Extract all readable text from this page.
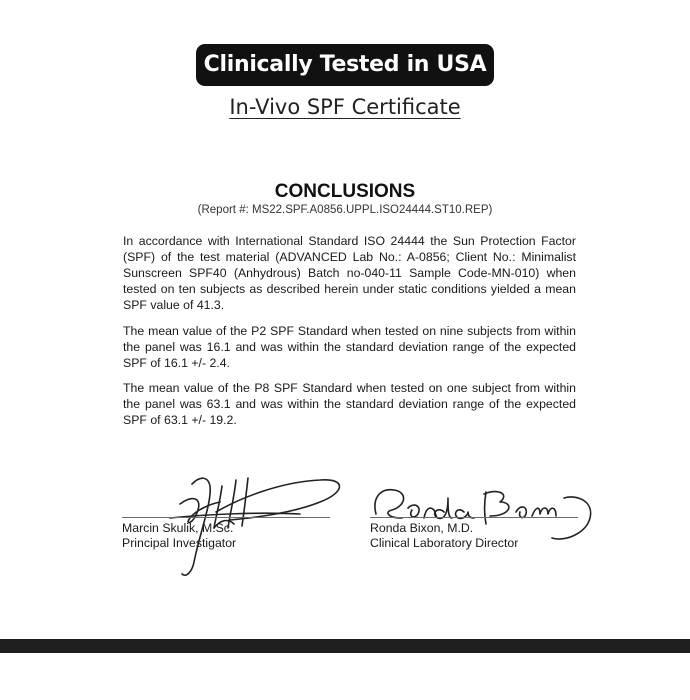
Clinically Tested in USA
In-Vivo SPF Certificate
CONCLUSIONS
(Report #: MS22.SPF.A0856.UPPL.ISO24444.ST10.REP)

In accordance with International Standard ISO 24444 the Sun Protection Factor (SPF) of the test material (ADVANCED Lab No.: A-0856; Client No.: Minimalist Sunscreen SPF40 (Anhydrous) Batch no-040-11 Sample Code-MN-010) when tested on ten subjects as described herein under static conditions yielded a mean SPF value of 41.3.

The mean value of the P2 SPF Standard when tested on nine subjects from within the panel was 16.1 and was within the standard deviation range of the expected SPF of 16.1 +/- 2.4.

The mean value of the P8 SPF Standard when tested on one subject from within the panel was 63.1 and was within the standard deviation range of the expected SPF of 63.1 +/- 19.2.

Marcin Skulik, M.Sc.
Principal Investigator
Ronda Bixon, M.D.
Clinical Laboratory Director
